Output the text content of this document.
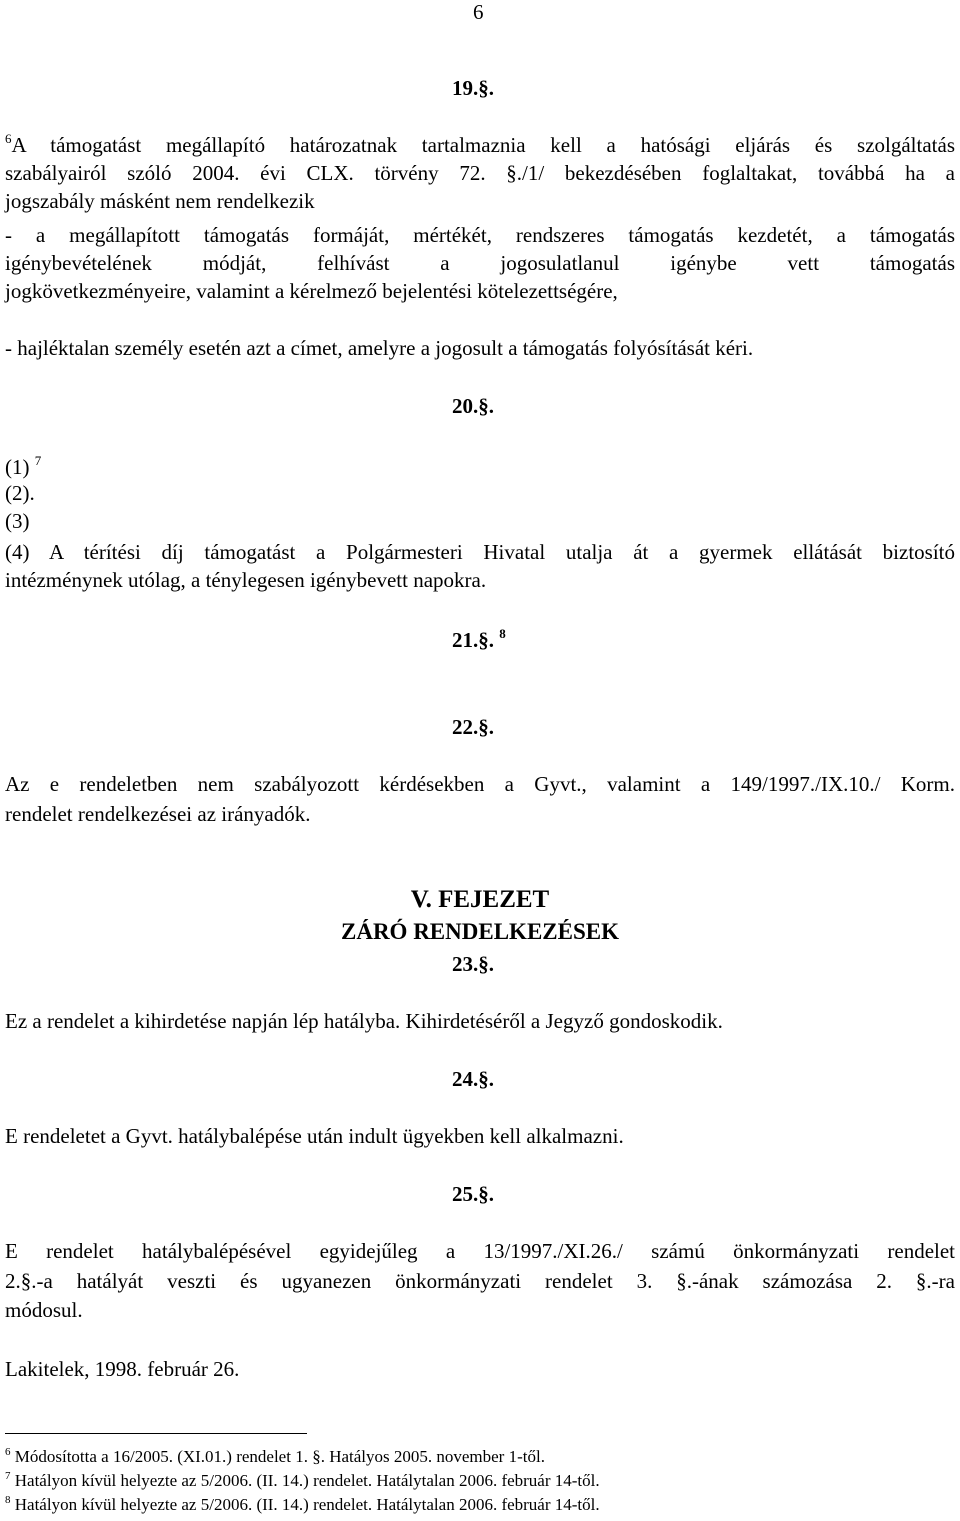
6
19.§.
$^6$A támogatást megállapító határozatnak tartalmaznia kell a hatósági eljárás és szolgáltatás
szabályairól szóló 2004. évi CLX. törvény 72. §./1/ bekezdésében foglaltakat, továbbá ha a
jogszabály másként nem rendelkezik
- a megállapított támogatás formáját, mértékét, rendszeres támogatás kezdetét, a támogatás
igénybevételének módját, felhívást a jogosulatlanul igénybe vett támogatás
jogkövetkezményeire, valamint a kérelmező bejelentési kötelezettségére,
- hajléktalan személy esetén azt a címet, amelyre a jogosult a támogatás folyósítását kéri.
20.§.
(1) $^7$
(2).
(3)
(4) A térítési díj támogatást a Polgármesteri Hivatal utalja át a gyermek ellátását biztosító
intézménynek utólag, a ténylegesen igénybevett napokra.
21.§. $^8$
22.§.
Az e rendeletben nem szabályozott kérdésekben a Gyvt., valamint a 149/1997./IX.10./ Korm.
rendelet rendelkezései az irányadók.
V. FEJEZET
ZÁRÓ RENDELKEZÉSEK
23.§.
Ez a rendelet a kihirdetése napján lép hatályba. Kihirdetéséről a Jegyző gondoskodik.
24.§.
E rendeletet a Gyvt. hatálybalépése után indult ügyekben kell alkalmazni.
25.§.
E rendelet hatálybalépésével egyidejűleg a 13/1997./XI.26./ számú önkormányzati rendelet
2.§.-a hatályát veszti és ugyanezen önkormányzati rendelet 3. §.-ának számozása 2. §.-ra
módosul.
Lakitelek, 1998. február 26.
$^6$ Módosította a 16/2005. (XI.01.) rendelet 1. §. Hatályos 2005. november 1-től.
$^7$ Hatályon kívül helyezte az 5/2006. (II. 14.) rendelet. Hatálytalan 2006. február 14-től.
$^8$ Hatályon kívül helyezte az 5/2006. (II. 14.) rendelet. Hatálytalan 2006. február 14-től.
